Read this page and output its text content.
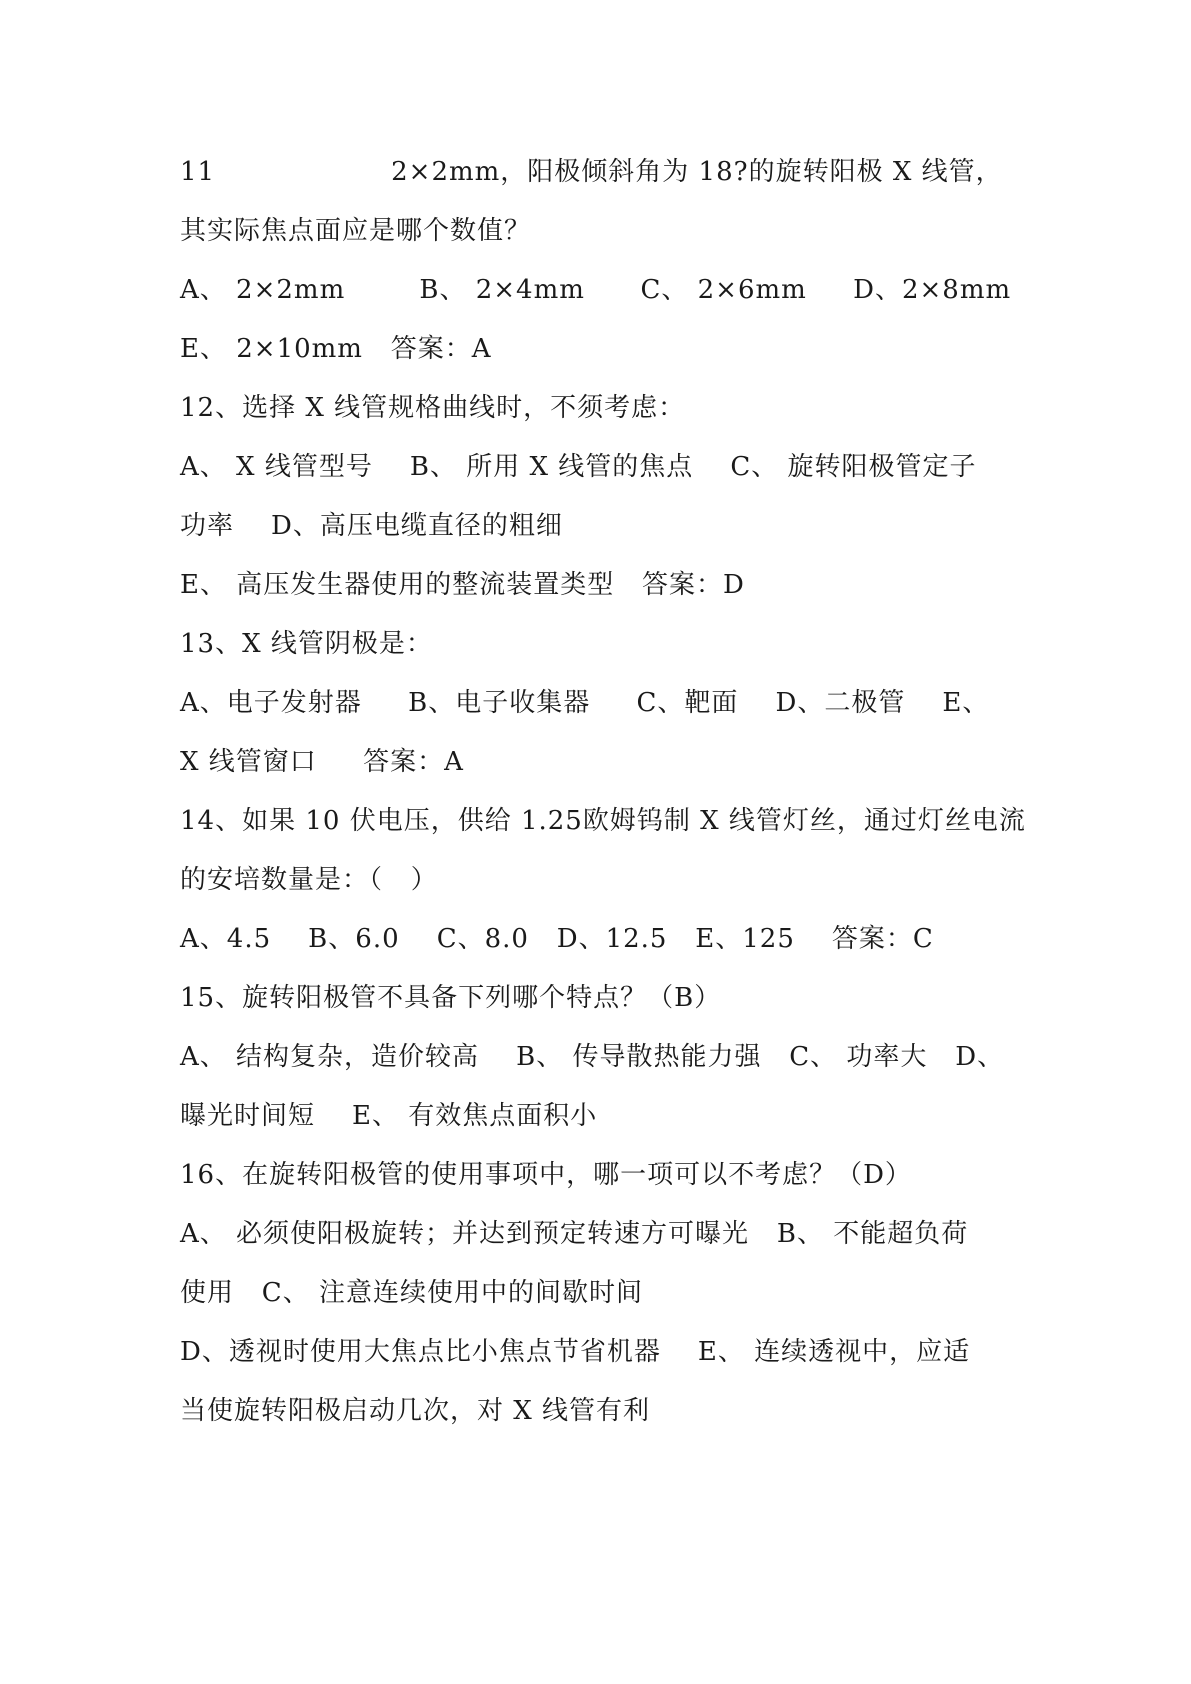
11                   2×2mm，阳极倾斜角为 18?的旋转阳极 X 线管，
其实际焦点面应是哪个数值？
A、 2×2mm        B、 2×4mm      C、 2×6mm     D、2×8mm
E、 2×10mm   答案：A
12、选择 X 线管规格曲线时，不须考虑：
A、 X 线管型号    B、 所用 X 线管的焦点    C、 旋转阳极管定子
功率    D、高压电缆直径的粗细
E、 高压发生器使用的整流装置类型   答案：D
13、X 线管阴极是：
A、电子发射器     B、电子收集器     C、靶面    D、二极管    E、
X 线管窗口     答案：A
14、如果 10 伏电压，供给 1.25欧姆钨制 X 线管灯丝，通过灯丝电流
的安培数量是：（   ）
A、4.5    B、6.0    C、8.0   D、12.5   E、125    答案：C
15、旋转阳极管不具备下列哪个特点？（B）
A、 结构复杂，造价较高    B、 传导散热能力强   C、 功率大   D、
曝光时间短    E、 有效焦点面积小
16、在旋转阳极管的使用事项中，哪一项可以不考虑？（D）
A、 必须使阳极旋转；并达到预定转速方可曝光   B、 不能超负荷
使用   C、 注意连续使用中的间歇时间
D、透视时使用大焦点比小焦点节省机器    E、 连续透视中，应适
当使旋转阳极启动几次，对 X 线管有利
